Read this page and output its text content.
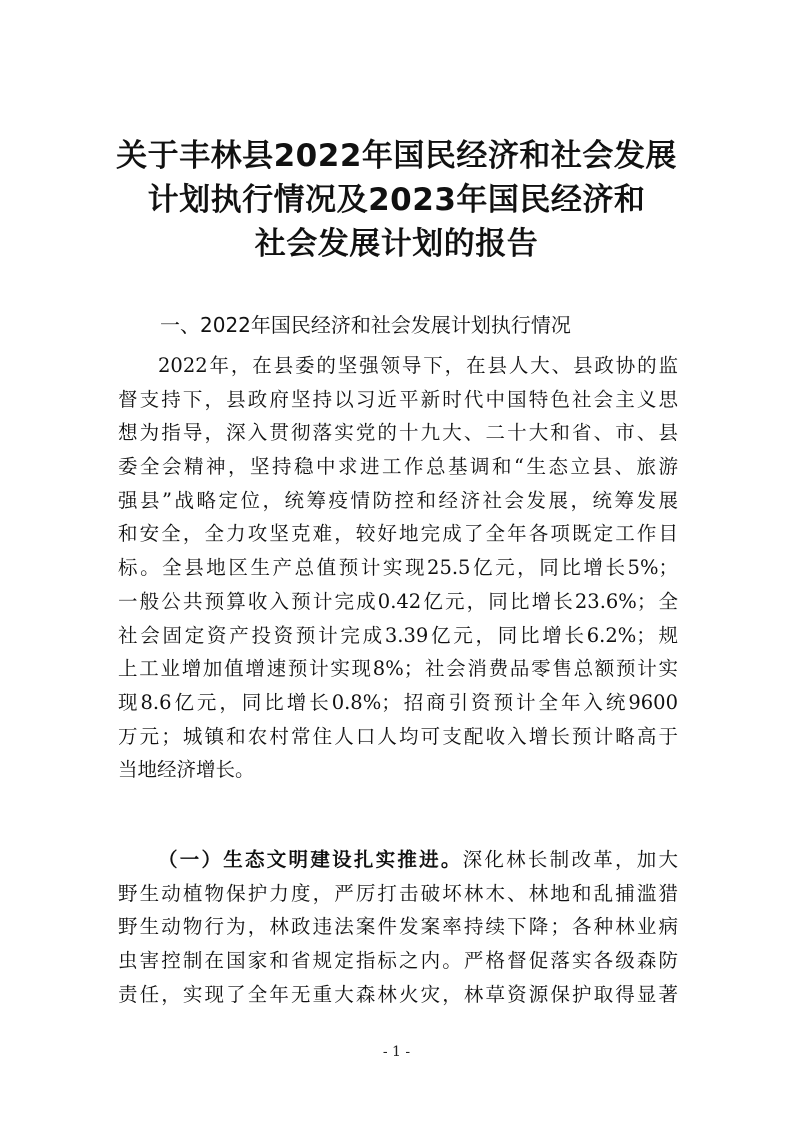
关于丰林县2022年国民经济和社会发展
计划执行情况及2023年国民经济和
社会发展计划的报告
一、2022年国民经济和社会发展计划执行情况
2022年，在县委的坚强领导下，在县人大、县政协的监
督支持下，县政府坚持以习近平新时代中国特色社会主义思
想为指导，深入贯彻落实党的十九大、二十大和省、市、县
委全会精神，坚持稳中求进工作总基调和“生态立县、旅游
强县”战略定位，统筹疫情防控和经济社会发展，统筹发展
和安全，全力攻坚克难，较好地完成了全年各项既定工作目
标。全县地区生产总值预计实现25.5亿元，同比增长5%；
一般公共预算收入预计完成0.42亿元，同比增长23.6%；全
社会固定资产投资预计完成3.39亿元，同比增长6.2%；规
上工业增加值增速预计实现8%；社会消费品零售总额预计实
现8.6亿元，同比增长0.8%；招商引资预计全年入统9600
万元；城镇和农村常住人口人均可支配收入增长预计略高于
当地经济增长。
（一）生态文明建设扎实推进。深化林长制改革，加大
野生动植物保护力度，严厉打击破坏林木、林地和乱捕滥猎
野生动物行为，林政违法案件发案率持续下降；各种林业病
虫害控制在国家和省规定指标之内。严格督促落实各级森防
责任，实现了全年无重大森林火灾，林草资源保护取得显著
- 1 -
